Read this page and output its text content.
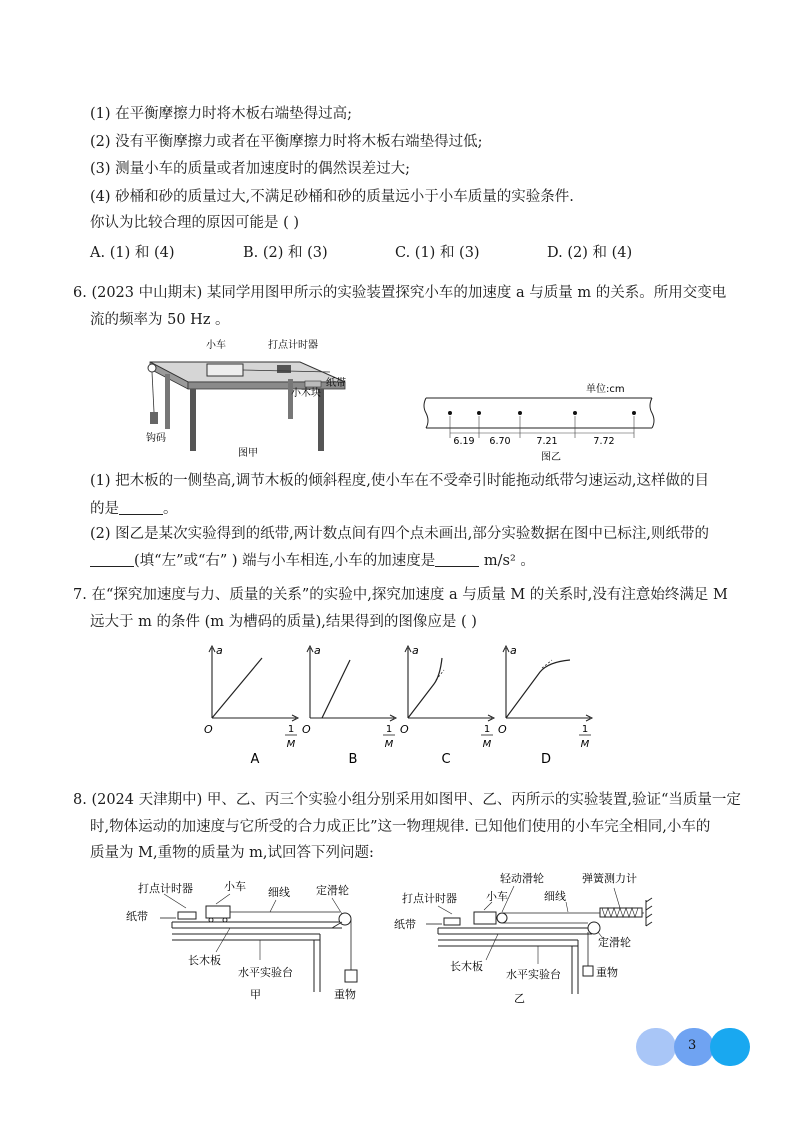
(1) 在平衡摩擦力时将木板右端垫得过高;
(2) 没有平衡摩擦力或者在平衡摩擦力时将木板右端垫得过低;
(3) 测量小车的质量或者加速度时的偶然误差过大;
(4) 砂桶和砂的质量过大,不满足砂桶和砂的质量远小于小车质量的实验条件.
你认为比较合理的原因可能是 ( )
A. (1) 和 (4)	B. (2) 和 (3)	C. (1) 和 (3)	D. (2) 和 (4)
6. (2023 中山期末) 某同学用图甲所示的实验装置探究小车的加速度 a 与质量 m 的关系。所用交变电
流的频率为 50 Hz 。
小车	打点计时器
纸带
小木块
钩码
图甲
单位:cm
6.19 6.70	7.21	7.72
图乙
(1) 把木板的一侧垫高,调节木板的倾斜程度,使小车在不受牵引时能拖动纸带匀速运动,这样做的目
的是	。
(2) 图乙是某次实验得到的纸带,两计数点间有四个点未画出,部分实验数据在图中已标注,则纸带的
(填“左”或“右” ) 端与小车相连,小车的加速度是	m/s² 。
7. 在“探究加速度与力、质量的关系”的实验中,探究加速度 a 与质量 M 的关系时,没有注意始终满足 M
远大于 m 的条件 (m 为槽码的质量),结果得到的图像应是 ( )
a
O	1
M
A
a
O	1
M
B
a
O	1
M
C
a
O	1
M
D
8. (2024 天津期中) 甲、乙、丙三个实验小组分别采用如图甲、乙、丙所示的实验装置,验证“当质量一定
时,物体运动的加速度与它所受的合力成正比”这一物理规律. 已知他们使用的小车完全相同,小车的
质量为 M,重物的质量为 m,试回答下列问题:
打点计时器	小车 细线 定滑轮
纸带
长木板
水平实验台
重物
甲
轻动滑轮	弹簧测力计
打点计时器	小车	细线
纸带
定滑轮
长木板
水平实验台	重物
乙
3
